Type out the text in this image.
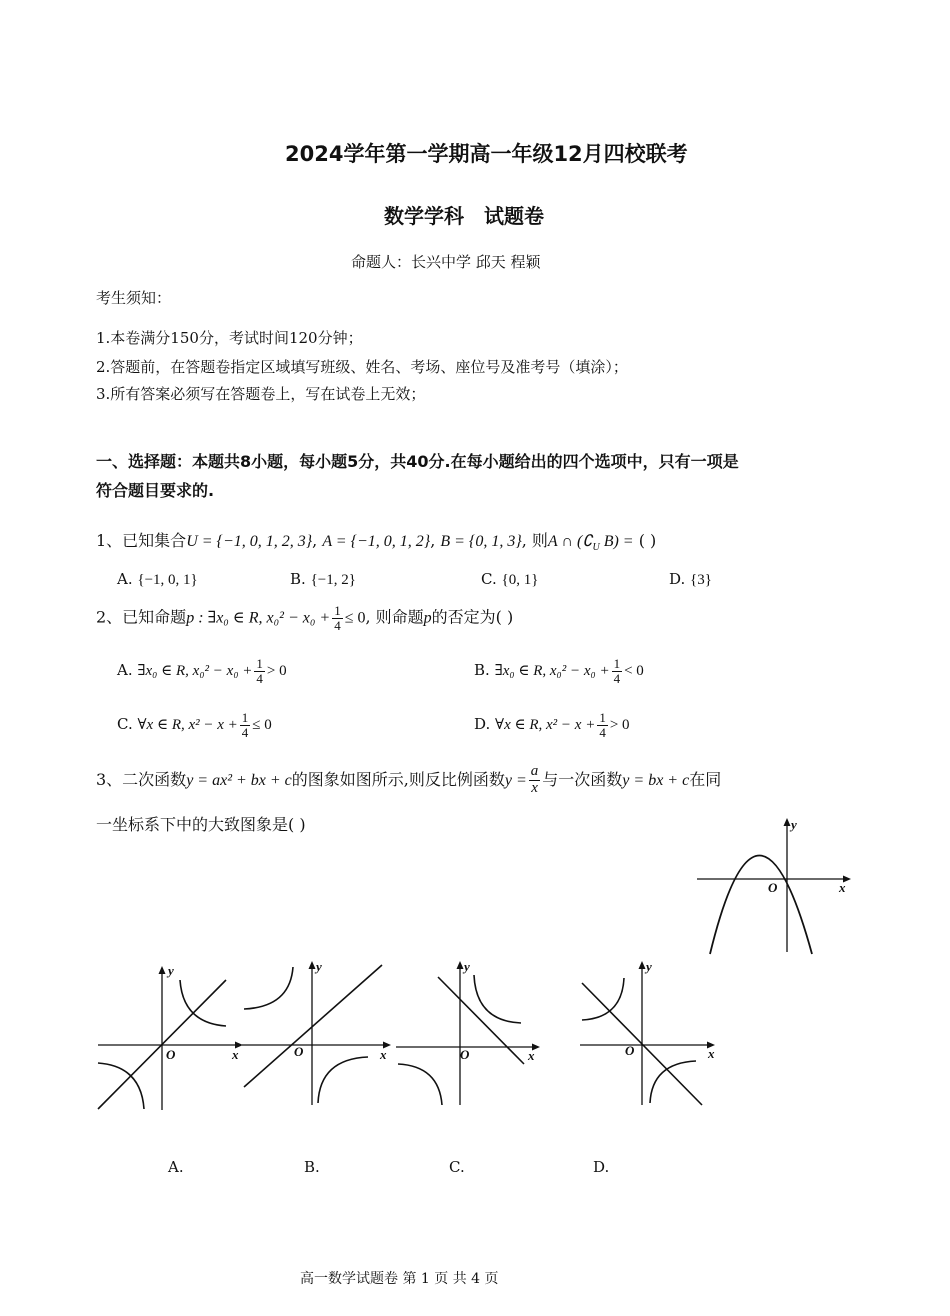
2024学年第一学期高一年级12月四校联考
数学学科　试题卷
命题人：长兴中学 邱天 程颖
考生须知：
1.本卷满分150分，考试时间120分钟；
2.答题前，在答题卷指定区域填写班级、姓名、考场、座位号及准考号（填涂）；
3.所有答案必须写在答题卷上，写在试卷上无效；
一、选择题：本题共8小题，每小题5分，共40分.在每小题给出的四个选项中，只有一项是
符合题目要求的.
1、已知集合U = {−1, 0, 1, 2, 3}, A = {−1, 0, 1, 2}, B = {0, 1, 3}, 则A ∩ ($∁_U$ B) = ( )
A. {−1, 0, 1}	B. {−1, 2}	C. {0, 1}	D. {3}
2、已知命题p : ∃x₀ ∈ R, $x_0^2 - x_0 + \frac{1}{4} \le 0$, 则命题p的否定为( )
A. ∃x₀ ∈ R, $x_0^2 - x_0 + \frac{1}{4} > 0$	B. ∃x₀ ∈ R, $x_0^2 - x_0 + \frac{1}{4} < 0$
C. ∀x ∈ R, $x^2 - x + \frac{1}{4} \le 0$	D. ∀x ∈ R, $x^2 - x + \frac{1}{4} > 0$
3、二次函数y = ax² + bx + c的图象如图所示,则反比例函数$y = \frac{a}{x}$ 与一次函数y = bx + c在同
一坐标系下中的大致图象是( )	y
x
O
y
x
O
y
x
O
y
x
O
y
x
O
A.	B.	C.	D.
高一数学试题卷 第 1 页 共 4 页
